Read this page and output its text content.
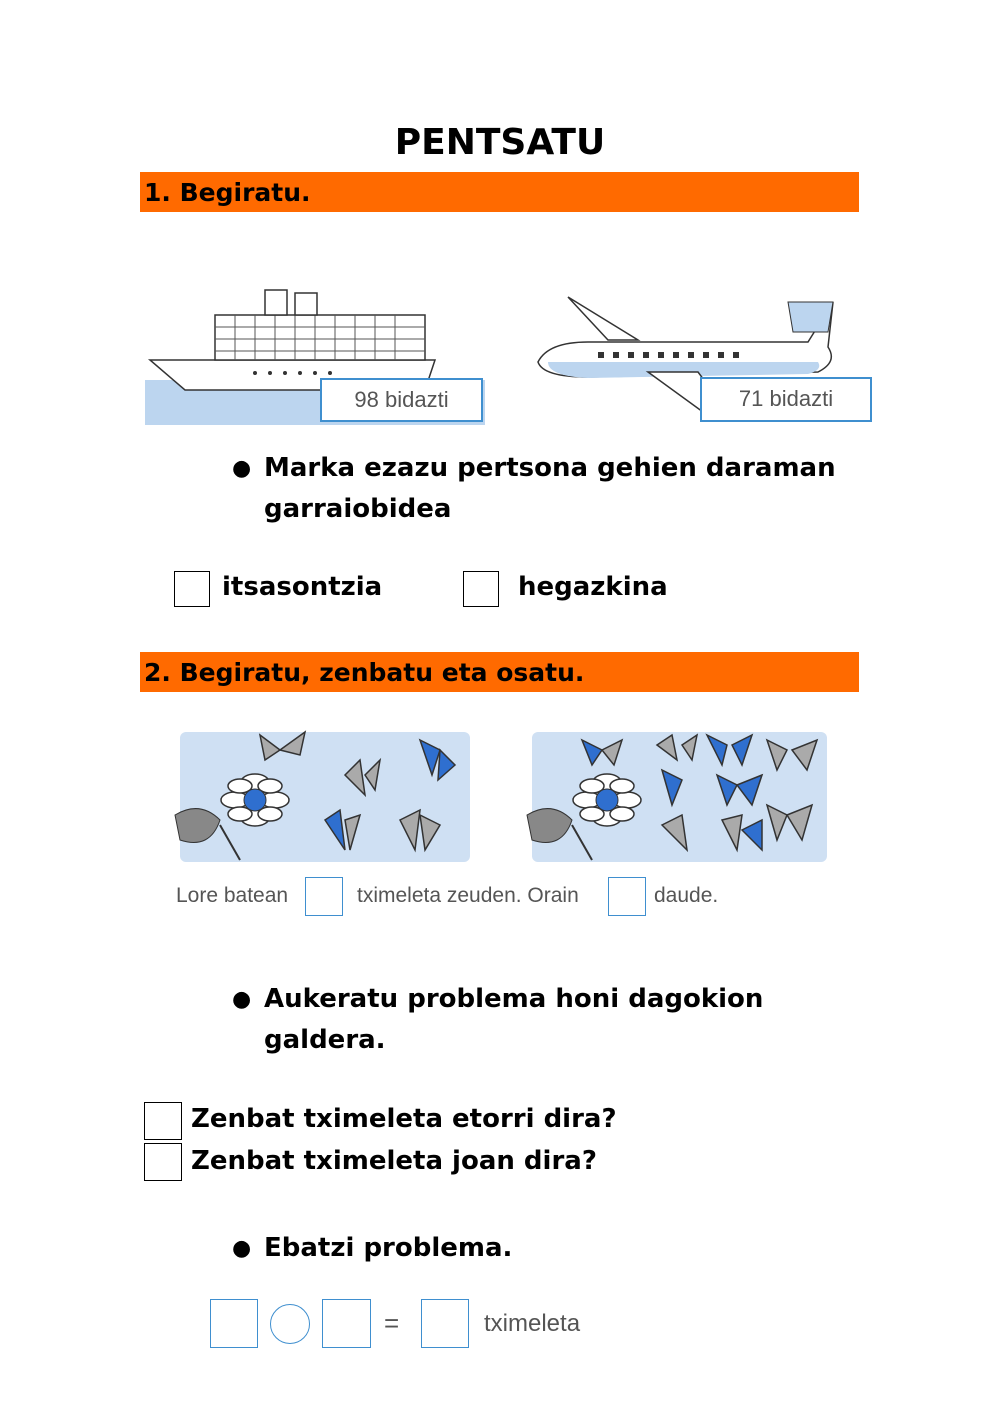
PENTSATU
1. Begiratu.
98 bidazti	71 bidazti
● Marka ezazu pertsona gehien daraman garraiobidea
itsasontzia	hegazkina
2. Begiratu, zenbatu eta osatu.
Lore batean	tximeleta zeuden. Orain	daude.
● Aukeratu problema honi dagokion galdera.
Zenbat tximeleta etorri dira?
Zenbat tximeleta joan dira?
● Ebatzi problema.
=	tximeleta
